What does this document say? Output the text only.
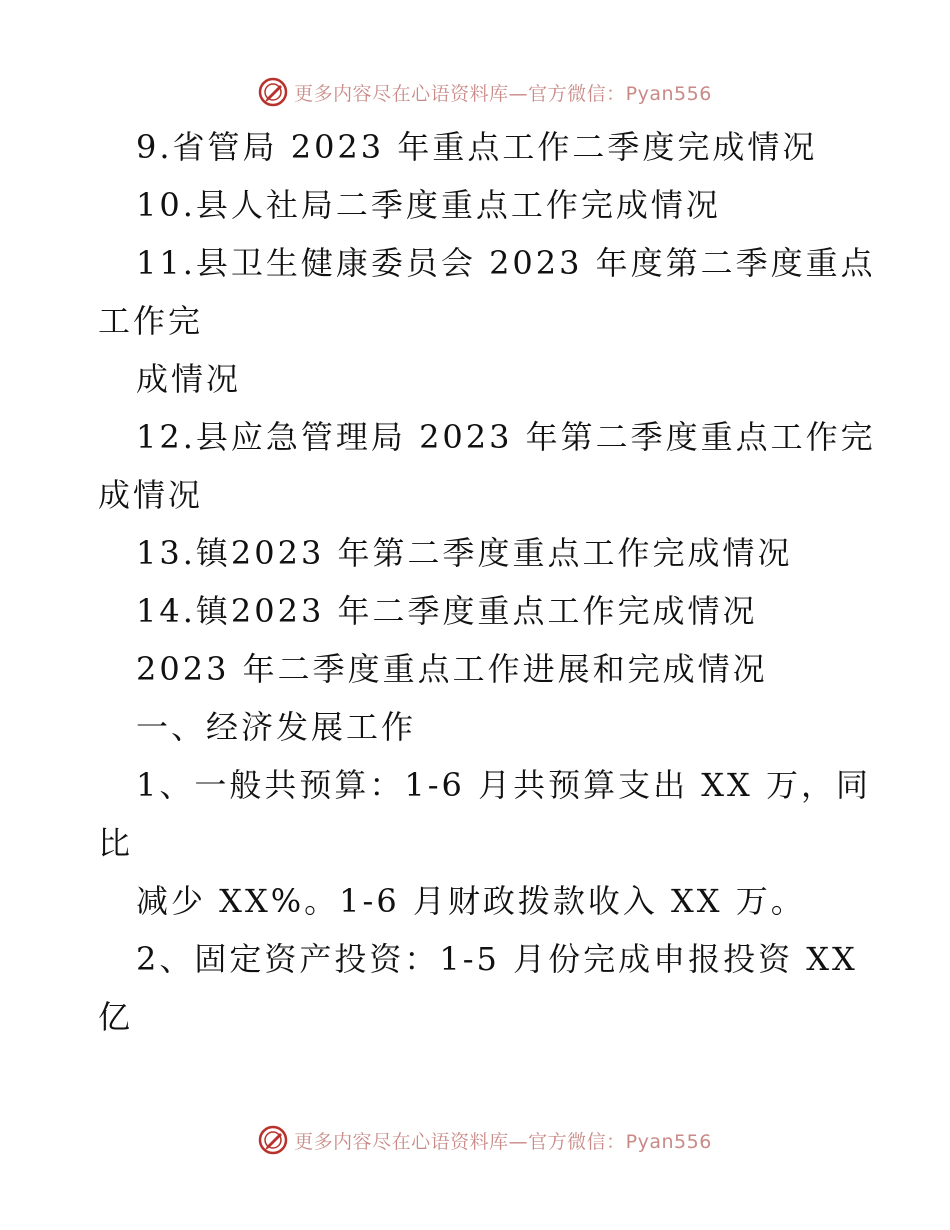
更多内容尽在心语资料库—官方微信：Pyan556
9.省管局 2023 年重点工作二季度完成情况
10.县人社局二季度重点工作完成情况
11.县卫生健康委员会 2023 年度第二季度重点
工作完
成情况
12.县应急管理局 2023 年第二季度重点工作完
成情况
13.镇2023 年第二季度重点工作完成情况
14.镇2023 年二季度重点工作完成情况
2023 年二季度重点工作进展和完成情况
一、经济发展工作
1、一般共预算：1-6 月共预算支出 XX 万，同
比
减少 XX%。1-6 月财政拨款收入 XX 万。
2、固定资产投资：1-5 月份完成申报投资 XX
亿
更多内容尽在心语资料库—官方微信：Pyan556
